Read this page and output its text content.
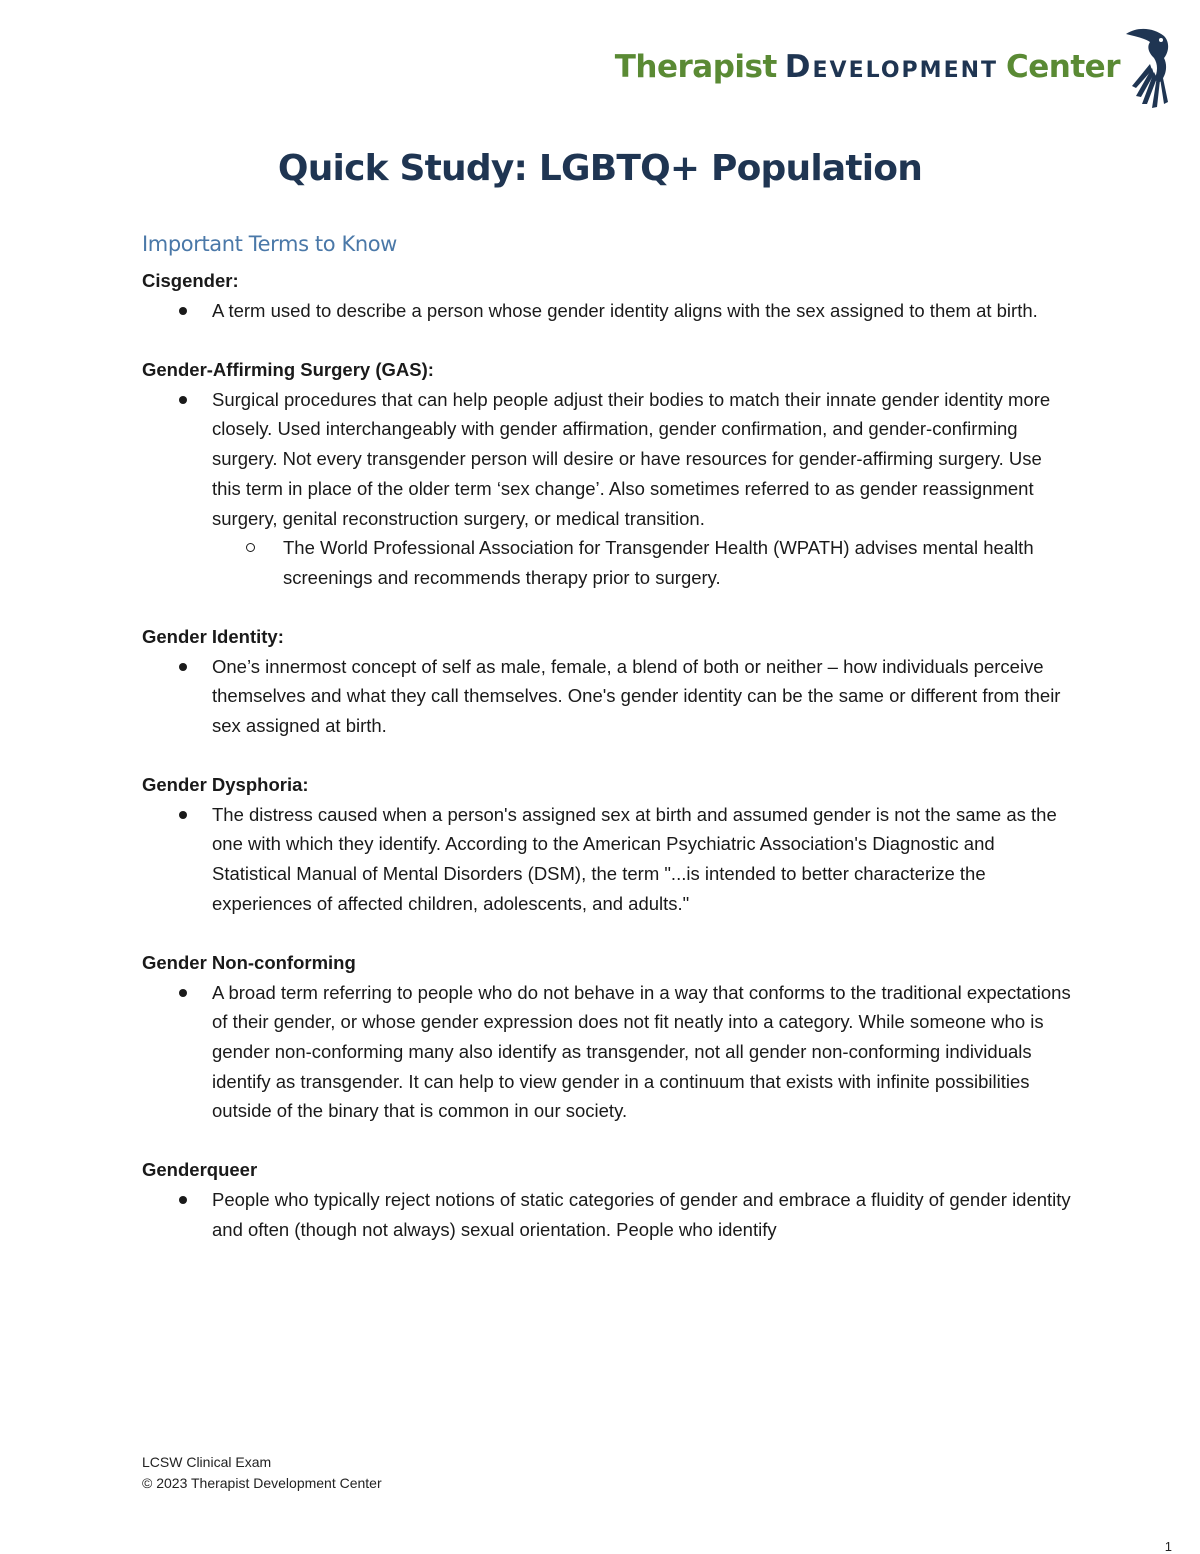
Therapist Development Center
Quick Study: LGBTQ+ Population
Important Terms to Know

Cisgender:

A term used to describe a person whose gender identity aligns with the sex assigned to them at birth.

Gender-Affirming Surgery (GAS):

Surgical procedures that can help people adjust their bodies to match their innate gender identity more closely. Used interchangeably with gender affirmation, gender confirmation, and gender-confirming surgery. Not every transgender person will desire or have resources for gender-affirming surgery. Use this term in place of the older term ‘sex change’. Also sometimes referred to as gender reassignment surgery, genital reconstruction surgery, or medical transition.
The World Professional Association for Transgender Health (WPATH) advises mental health screenings and recommends therapy prior to surgery.

Gender Identity:

One’s innermost concept of self as male, female, a blend of both or neither – how individuals perceive themselves and what they call themselves. One's gender identity can be the same or different from their sex assigned at birth.

Gender Dysphoria:

The distress caused when a person's assigned sex at birth and assumed gender is not the same as the one with which they identify. According to the American Psychiatric Association's Diagnostic and Statistical Manual of Mental Disorders (DSM), the term "...is intended to better characterize the experiences of affected children, adolescents, and adults."

Gender Non-conforming

A broad term referring to people who do not behave in a way that conforms to the traditional expectations of their gender, or whose gender expression does not fit neatly into a category. While someone who is gender non-conforming many also identify as transgender, not all gender non-conforming individuals identify as transgender. It can help to view gender in a continuum that exists with infinite possibilities outside of the binary that is common in our society.

Genderqueer

People who typically reject notions of static categories of gender and embrace a fluidity of gender identity and often (though not always) sexual orientation. People who identify
LCSW Clinical Exam
© 2023 Therapist Development Center
1
